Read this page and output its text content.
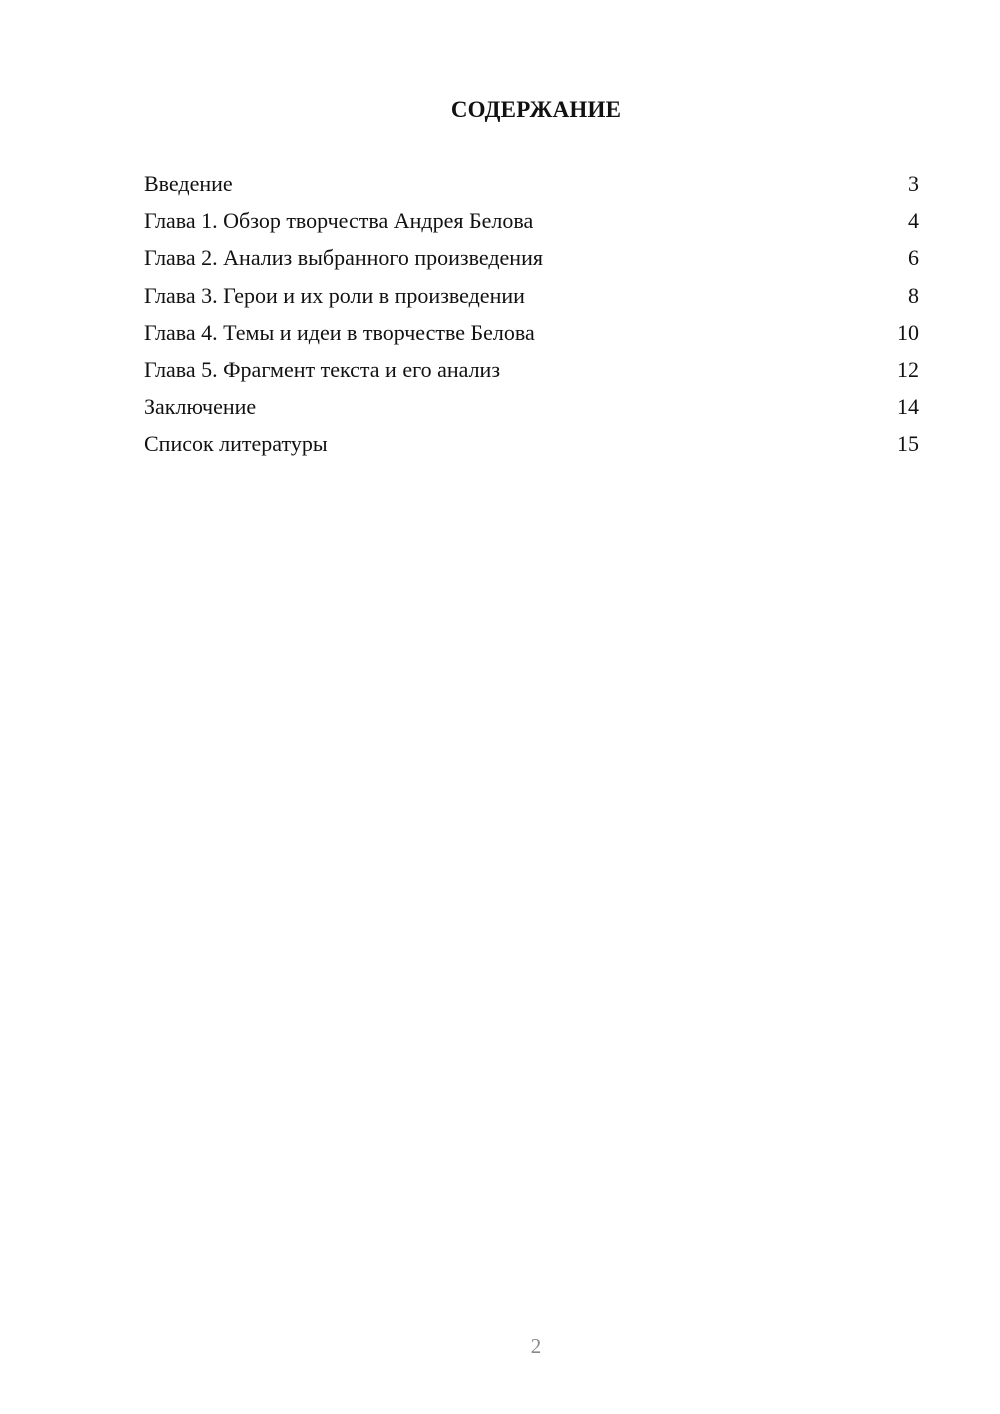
СОДЕРЖАНИЕ
Введение	3
Глава 1. Обзор творчества Андрея Белова	4
Глава 2. Анализ выбранного произведения	6
Глава 3. Герои и их роли в произведении	8
Глава 4. Темы и идеи в творчестве Белова	10
Глава 5. Фрагмент текста и его анализ	12
Заключение	14
Список литературы	15
2
